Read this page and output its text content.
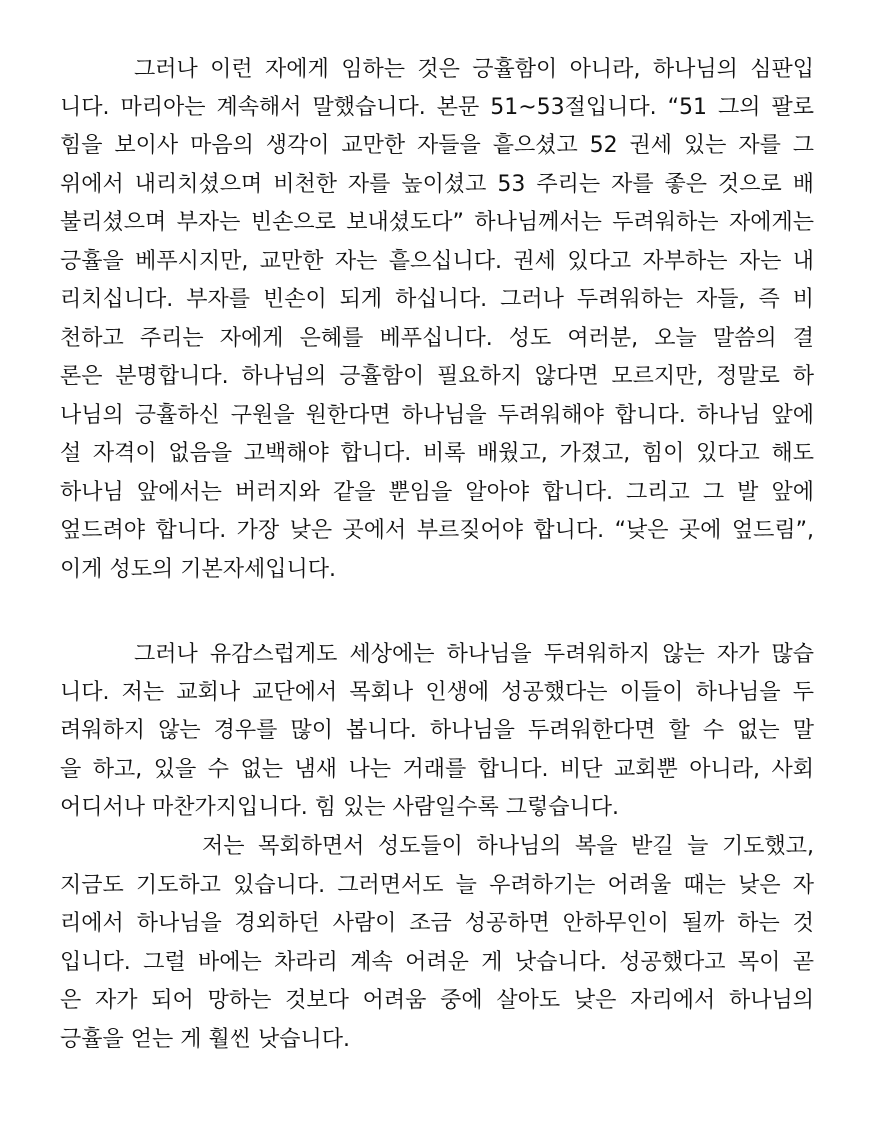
그러나 이런 자에게 임하는 것은 긍휼함이 아니라, 하나님의 심판입
니다. 마리아는 계속해서 말했습니다. 본문 51~53절입니다. “51 그의 팔로
힘을 보이사 마음의 생각이 교만한 자들을 흩으셨고 52 권세 있는 자를 그
위에서 내리치셨으며 비천한 자를 높이셨고 53 주리는 자를 좋은 것으로 배
불리셨으며 부자는 빈손으로 보내셨도다” 하나님께서는 두려워하는 자에게는
긍휼을 베푸시지만, 교만한 자는 흩으십니다. 권세 있다고 자부하는 자는 내
리치십니다. 부자를 빈손이 되게 하십니다. 그러나 두려워하는 자들, 즉 비
천하고 주리는 자에게 은혜를 베푸십니다. 성도 여러분, 오늘 말씀의 결
론은 분명합니다. 하나님의 긍휼함이 필요하지 않다면 모르지만, 정말로 하
나님의 긍휼하신 구원을 원한다면 하나님을 두려워해야 합니다. 하나님 앞에
설 자격이 없음을 고백해야 합니다. 비록 배웠고, 가졌고, 힘이 있다고 해도
하나님 앞에서는 버러지와 같을 뿐임을 알아야 합니다. 그리고 그 발 앞에
엎드려야 합니다. 가장 낮은 곳에서 부르짖어야 합니다. “낮은 곳에 엎드림”,
이게 성도의 기본자세입니다.
그러나 유감스럽게도 세상에는 하나님을 두려워하지 않는 자가 많습
니다. 저는 교회나 교단에서 목회나 인생에 성공했다는 이들이 하나님을 두
려워하지 않는 경우를 많이 봅니다. 하나님을 두려워한다면 할 수 없는 말
을 하고, 있을 수 없는 냄새 나는 거래를 합니다. 비단 교회뿐 아니라, 사회
어디서나 마찬가지입니다. 힘 있는 사람일수록 그렇습니다.
저는 목회하면서 성도들이 하나님의 복을 받길 늘 기도했고,
지금도 기도하고 있습니다. 그러면서도 늘 우려하기는 어려울 때는 낮은 자
리에서 하나님을 경외하던 사람이 조금 성공하면 안하무인이 될까 하는 것
입니다. 그럴 바에는 차라리 계속 어려운 게 낫습니다. 성공했다고 목이 곧
은 자가 되어 망하는 것보다 어려움 중에 살아도 낮은 자리에서 하나님의
긍휼을 얻는 게 훨씬 낫습니다.
